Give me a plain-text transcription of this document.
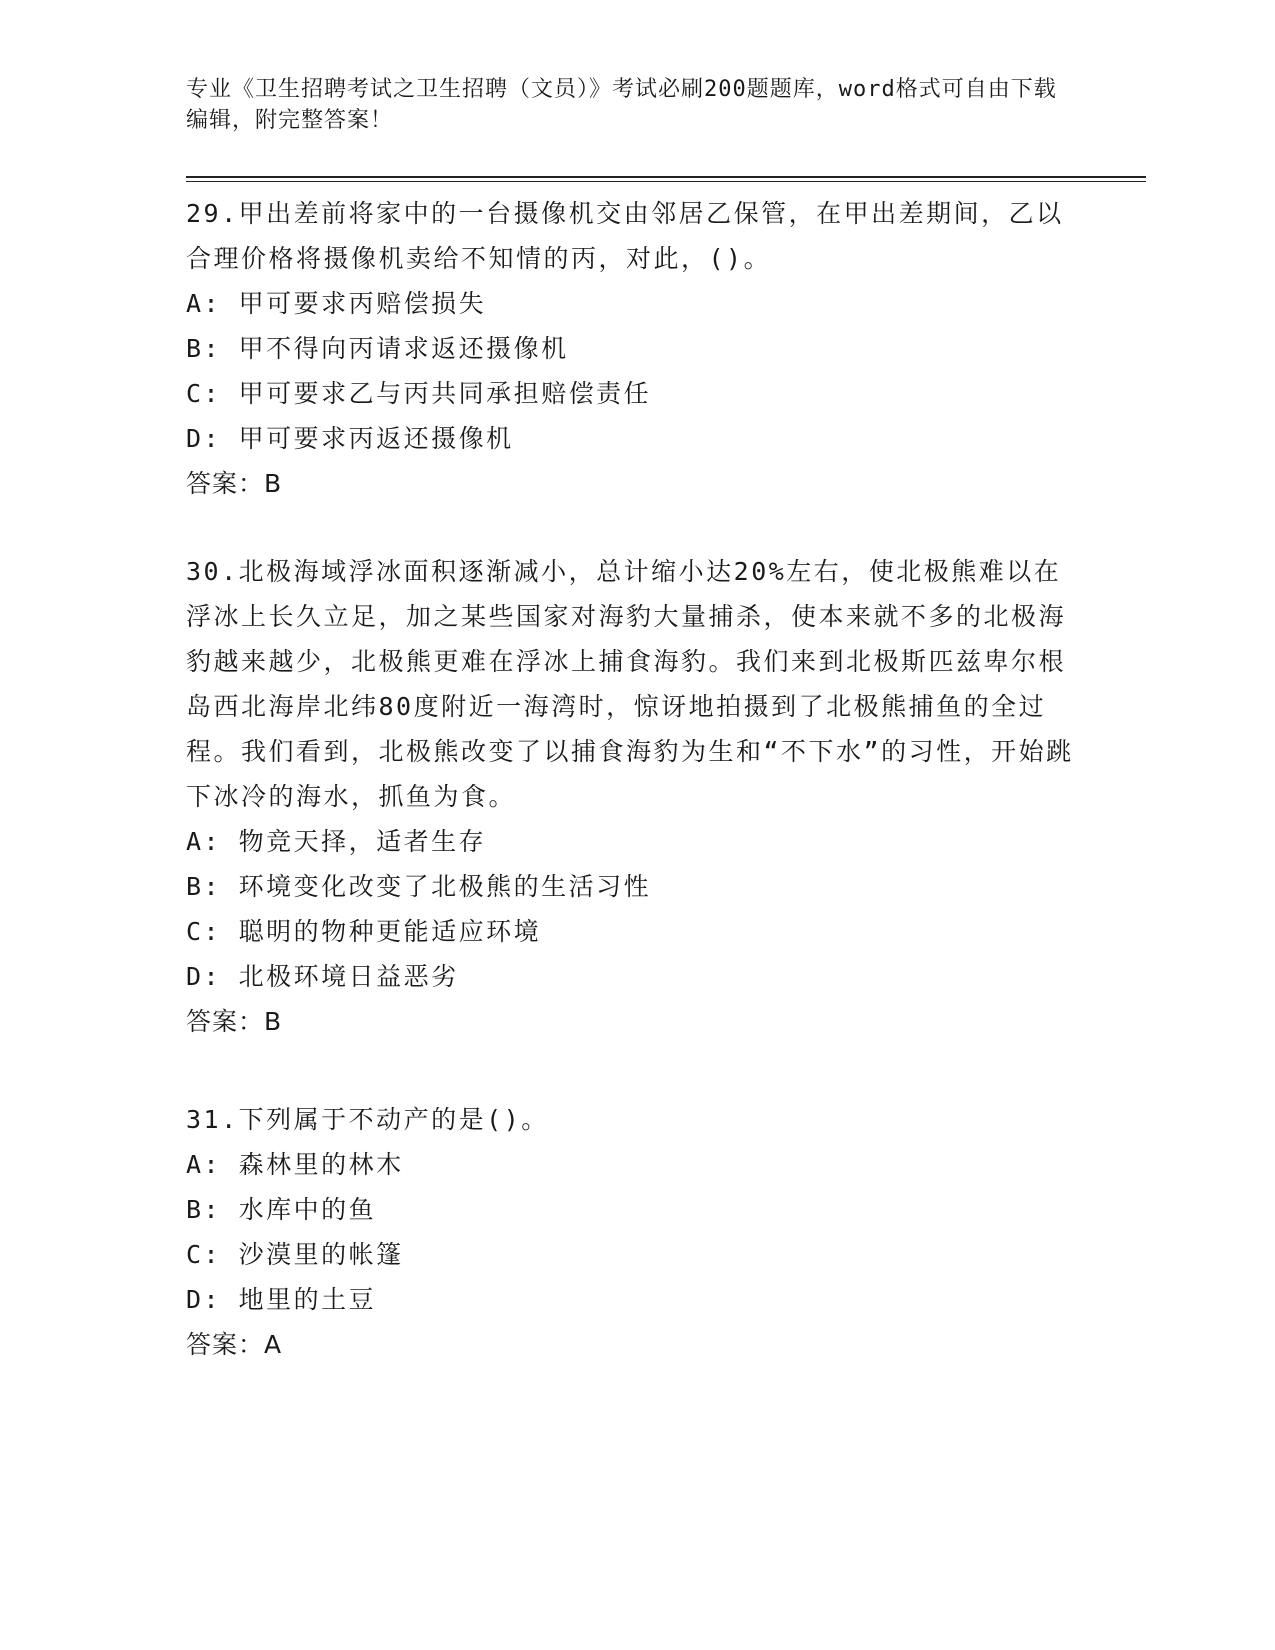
专业《卫生招聘考试之卫生招聘（文员）》考试必刷200题题库，word格式可自由下载编辑，附完整答案！
29.甲出差前将家中的一台摄像机交由邻居乙保管，在甲出差期间，乙以合理价格将摄像机卖给不知情的丙，对此，()。
A: 甲可要求丙赔偿损失
B: 甲不得向丙请求返还摄像机
C: 甲可要求乙与丙共同承担赔偿责任
D: 甲可要求丙返还摄像机
答案：B
30.北极海域浮冰面积逐渐减小，总计缩小达20%左右，使北极熊难以在浮冰上长久立足，加之某些国家对海豹大量捕杀，使本来就不多的北极海豹越来越少，北极熊更难在浮冰上捕食海豹。我们来到北极斯匹兹卑尔根岛西北海岸北纬80度附近一海湾时，惊讶地拍摄到了北极熊捕鱼的全过程。我们看到，北极熊改变了以捕食海豹为生和“不下水”的习性，开始跳下冰冷的海水，抓鱼为食。
A: 物竞天择，适者生存
B: 环境变化改变了北极熊的生活习性
C: 聪明的物种更能适应环境
D: 北极环境日益恶劣
答案：B
31.下列属于不动产的是()。
A: 森林里的林木
B: 水库中的鱼
C: 沙漠里的帐篷
D: 地里的土豆
答案：A
